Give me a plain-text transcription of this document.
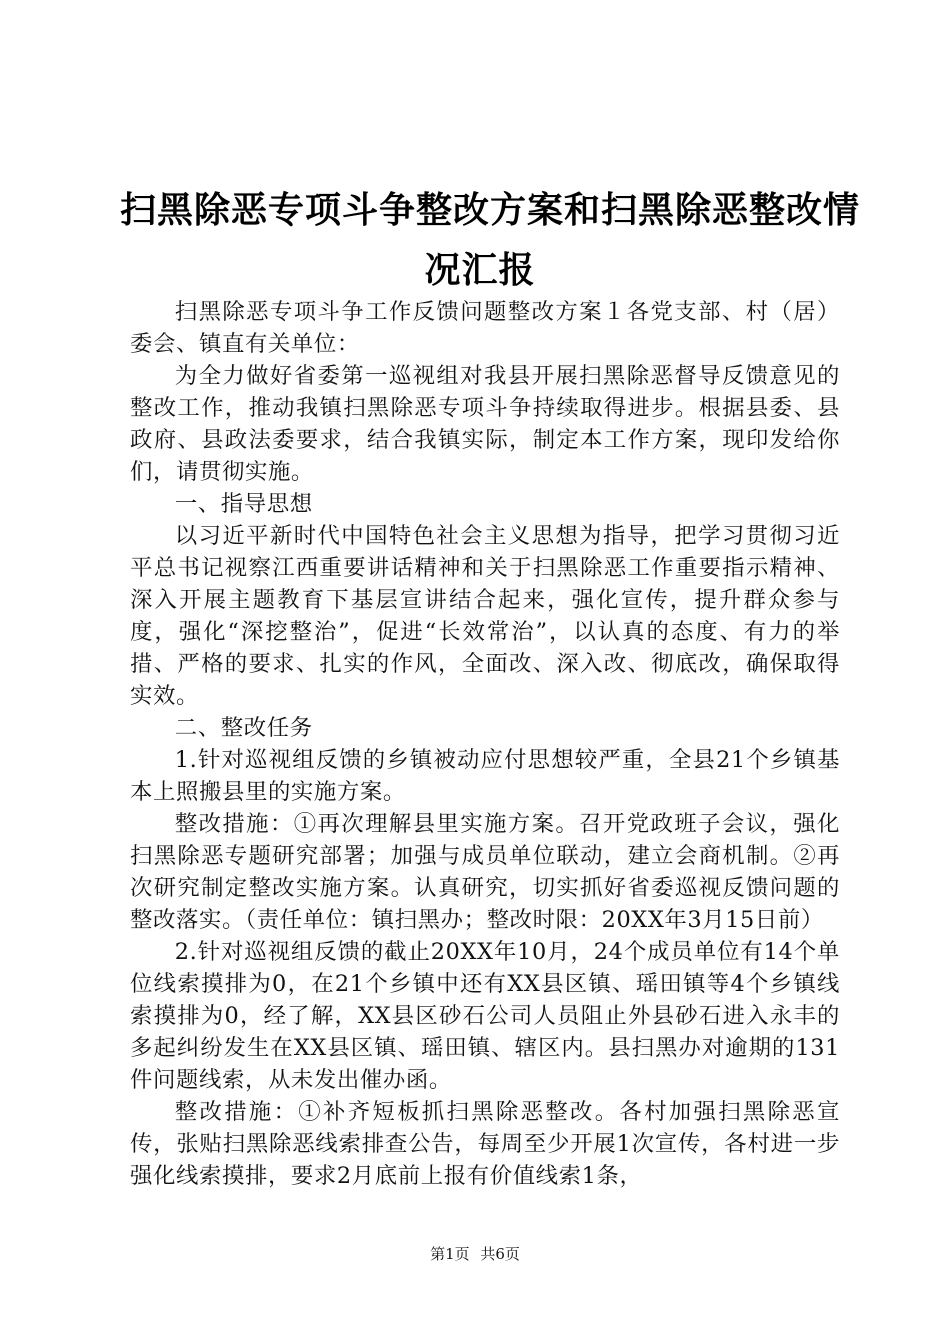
扫黑除恶专项斗争整改方案和扫黑除恶整改情
况汇报

扫黑除恶专项斗争工作反馈问题整改方案１各党支部、村（居）委会、镇直有关单位：

为全力做好省委第一巡视组对我县开展扫黑除恶督导反馈意见的整改工作，推动我镇扫黑除恶专项斗争持续取得进步。根据县委、县政府、县政法委要求，结合我镇实际，制定本工作方案，现印发给你们，请贯彻实施。

一、指导思想

以习近平新时代中国特色社会主义思想为指导，把学习贯彻习近平总书记视察江西重要讲话精神和关于扫黑除恶工作重要指示精神、深入开展主题教育下基层宣讲结合起来，强化宣传，提升群众参与度，强化“深挖整治”，促进“长效常治”，以认真的态度、有力的举措、严格的要求、扎实的作风，全面改、深入改、彻底改，确保取得实效。

二、整改任务

1.针对巡视组反馈的乡镇被动应付思想较严重，全县21个乡镇基本上照搬县里的实施方案。

整改措施：①再次理解县里实施方案。召开党政班子会议，强化扫黑除恶专题研究部署；加强与成员单位联动，建立会商机制。②再次研究制定整改实施方案。认真研究，切实抓好省委巡视反馈问题的整改落实。（责任单位：镇扫黑办；整改时限：20XX年3月15日前）

2.针对巡视组反馈的截止20XX年10月，24个成员单位有14个单位线索摸排为0，在21个乡镇中还有XX县区镇、瑶田镇等4个乡镇线索摸排为0，经了解，XX县区砂石公司人员阻止外县砂石进入永丰的多起纠纷发生在XX县区镇、瑶田镇、辖区内。县扫黑办对逾期的131件问题线索，从未发出催办函。

整改措施：①补齐短板抓扫黑除恶整改。各村加强扫黑除恶宣传，张贴扫黑除恶线索排查公告，每周至少开展1次宣传，各村进一步强化线索摸排，要求2月底前上报有价值线索1条，

第1页 共6页
